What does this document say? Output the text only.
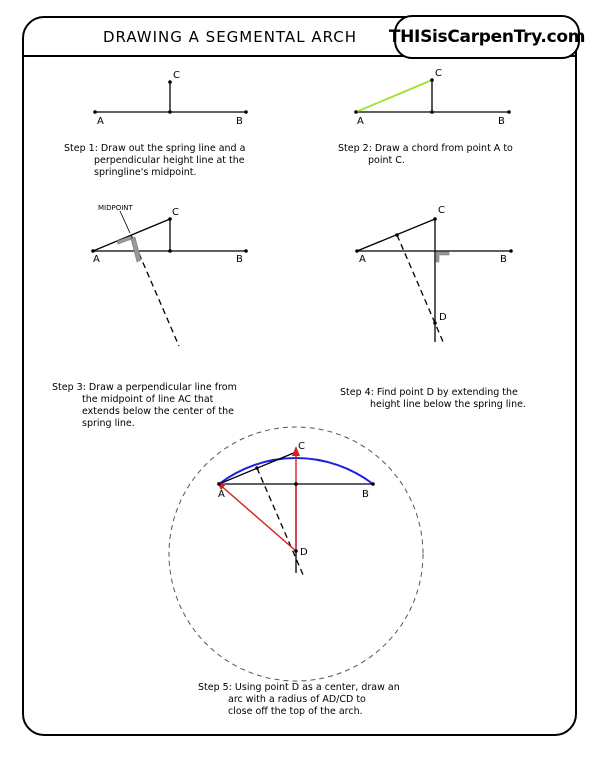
DRAWING A SEGMENTAL ARCH	THISisCarpenTry.com
A	B
C
A	B
C
MIDPOINT
A	B
C
A	B
C
D
A	B
C
D
Step 1: Draw out the spring line and a
perpendicular height line at the
springline's midpoint.
Step 2: Draw a chord from point A to
point C.
Step 3: Draw a perpendicular line from
the midpoint of line AC that
extends below the center of the
spring line.
Step 4: Find point D by extending the
height line below the spring line.
Step 5: Using point D as a center, draw an
arc with a radius of AD/CD to
close off the top of the arch.
